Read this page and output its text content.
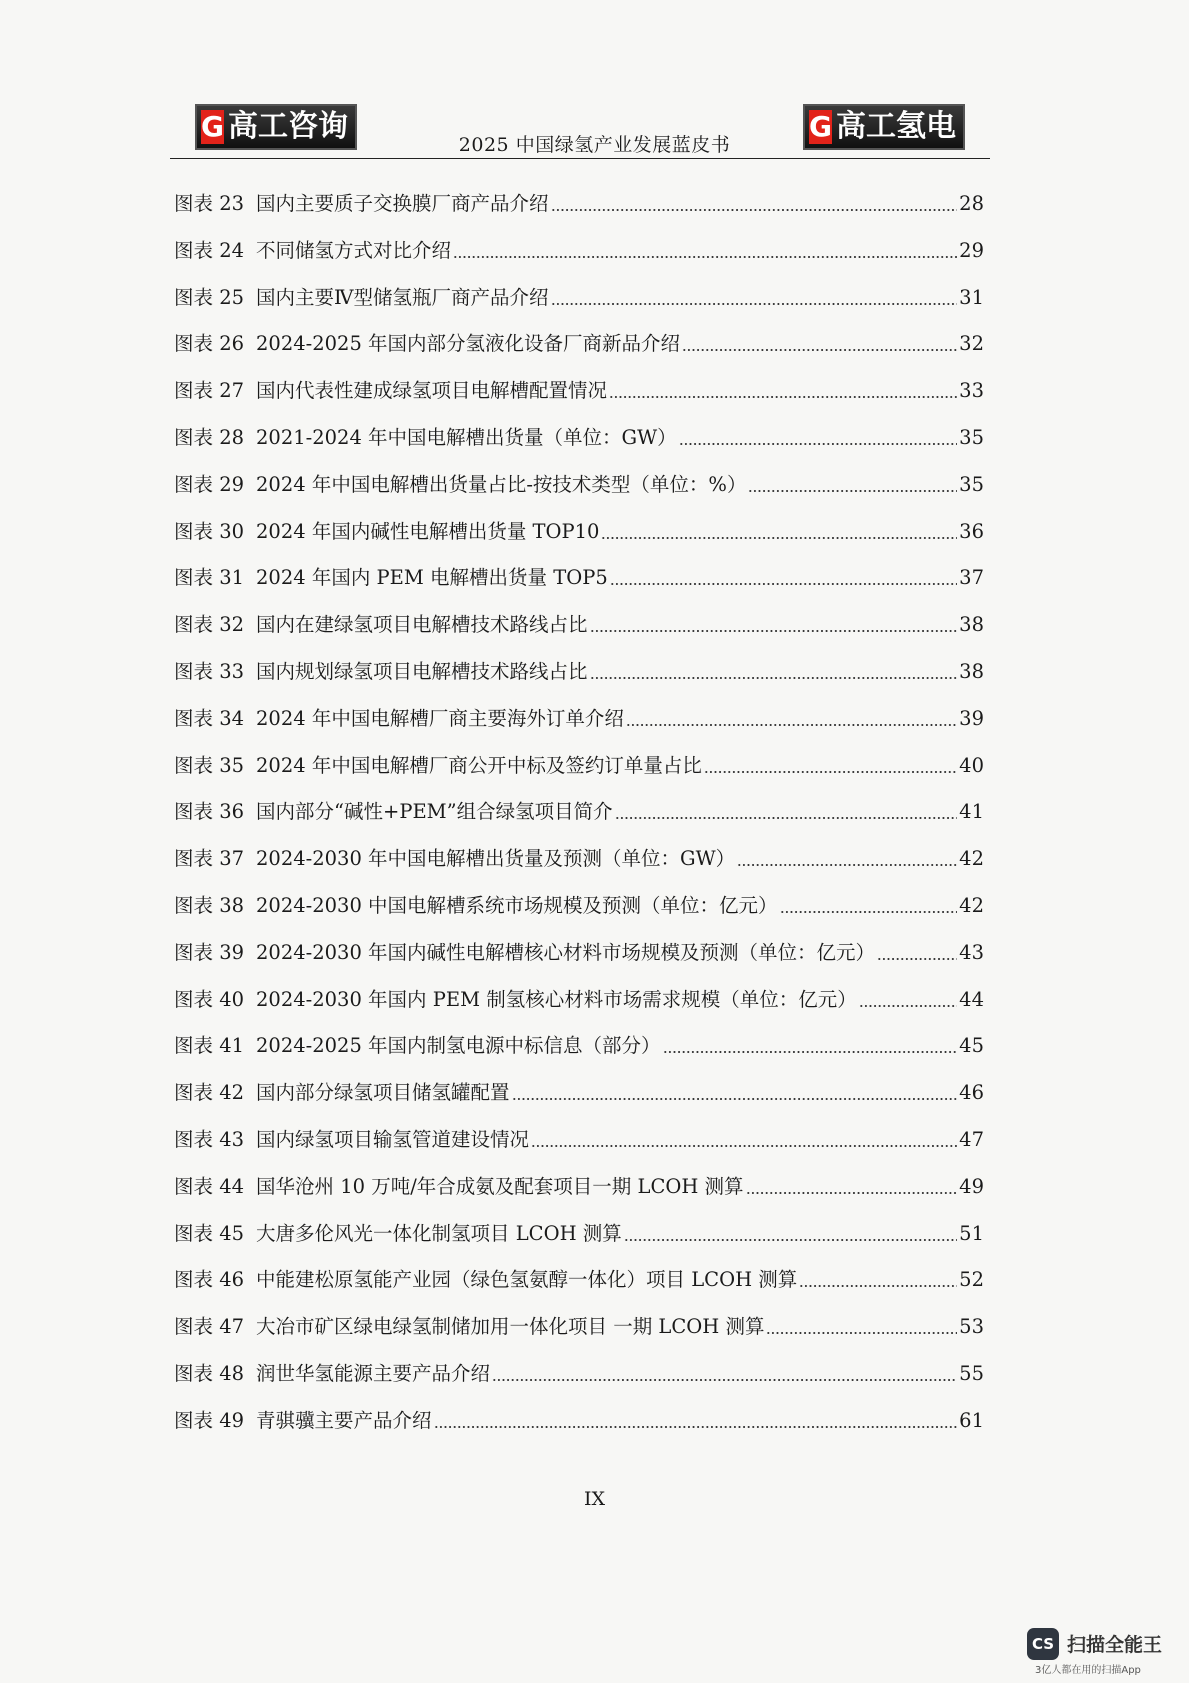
G 高工咨询
2025 中国绿氢产业发展蓝皮书
G 高工氢电
图表 23 国内主要质子交换膜厂商产品介绍	28
图表 24 不同储氢方式对比介绍	29
图表 25 国内主要Ⅳ型储氢瓶厂商产品介绍	31
图表 26 2024-2025 年国内部分氢液化设备厂商新品介绍	32
图表 27 国内代表性建成绿氢项目电解槽配置情况	33
图表 28 2021-2024 年中国电解槽出货量（单位：GW）	35
图表 29 2024 年中国电解槽出货量占比-按技术类型（单位：%）	35
图表 30 2024 年国内碱性电解槽出货量 TOP10	36
图表 31 2024 年国内 PEM 电解槽出货量 TOP5	37
图表 32 国内在建绿氢项目电解槽技术路线占比	38
图表 33 国内规划绿氢项目电解槽技术路线占比	38
图表 34 2024 年中国电解槽厂商主要海外订单介绍	39
图表 35 2024 年中国电解槽厂商公开中标及签约订单量占比	40
图表 36 国内部分“碱性+PEM”组合绿氢项目简介	41
图表 37 2024-2030 年中国电解槽出货量及预测（单位：GW）	42
图表 38 2024-2030 中国电解槽系统市场规模及预测（单位：亿元）	42
图表 39 2024-2030 年国内碱性电解槽核心材料市场规模及预测（单位：亿元）	43
图表 40 2024-2030 年国内 PEM 制氢核心材料市场需求规模（单位：亿元）	44
图表 41 2024-2025 年国内制氢电源中标信息（部分）	45
图表 42 国内部分绿氢项目储氢罐配置	46
图表 43 国内绿氢项目输氢管道建设情况	47
图表 44 国华沧州 10 万吨/年合成氨及配套项目一期 LCOH 测算	49
图表 45 大唐多伦风光一体化制氢项目 LCOH 测算	51
图表 46 中能建松原氢能产业园（绿色氢氨醇一体化）项目 LCOH 测算	52
图表 47 大冶市矿区绿电绿氢制储加用一体化项目 一期 LCOH 测算	53
图表 48 润世华氢能源主要产品介绍	55
图表 49 青骐骥主要产品介绍	61
IX
CS 扫描全能王
3亿人都在用的扫描App
